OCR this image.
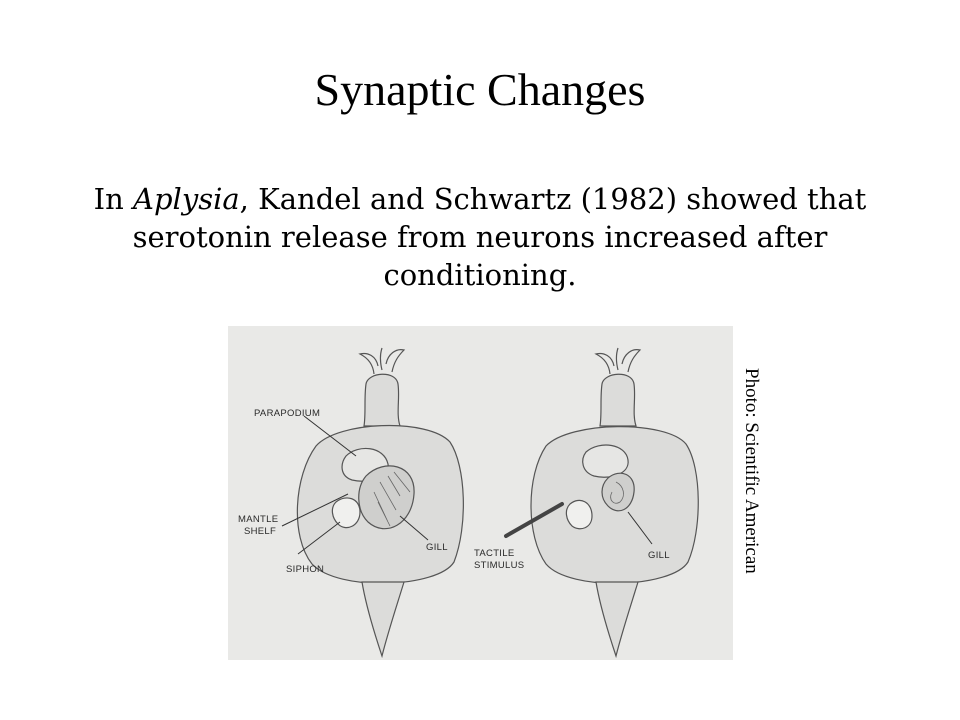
Synaptic Changes

In Aplysia, Kandel and Schwartz (1982) showed that serotonin release from neurons increased after conditioning.

PARAPODIUM
MANTLE
SHELF
SIPHON
GILL
TACTILE
STIMULUS
GILL	Photo: Scientific American
